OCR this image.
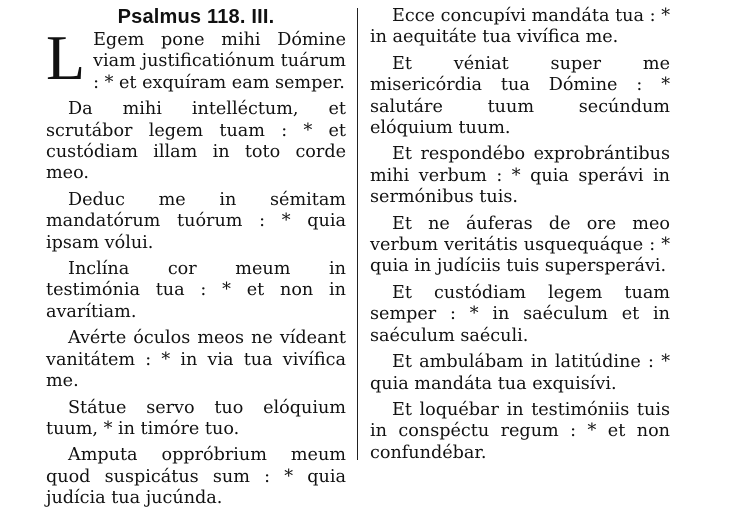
Psalmus 118. III.

L Egem pone mihi Dómine viam justificatiónum tuárum : * et exquíram eam semper.

Da mihi intelléctum, et scrutábor legem tuam : * et custódiam illam in toto corde meo.

Deduc me in sémitam mandatórum tuórum : * quia ipsam vólui.

Inclína cor meum in testimónia tua : * et non in avarítiam.

Avérte óculos meos ne vídeant vanitátem : * in via tua vivífica me.

Státue servo tuo elóquium tuum, * in timóre tuo.

Amputa oppróbrium meum quod suspicátus sum : * quia judícia tua jucúnda.

Ecce concupívi mandáta tua : * in aequitáte tua vivífica me.

Et véniat super me misericórdia tua Dómine : * salutáre tuum secúndum elóquium tuum.

Et respondébo exprobrántibus mihi verbum : * quia sperávi in sermónibus tuis.

Et ne áuferas de ore meo verbum veritátis usquequáque : * quia in judíciis tuis supersperávi.

Et custódiam legem tuam semper : * in saéculum et in saéculum saéculi.

Et ambulábam in latitúdine : * quia mandáta tua exquisívi.

Et loquébar in testimóniis tuis in conspéctu regum : * et non confundébar.
